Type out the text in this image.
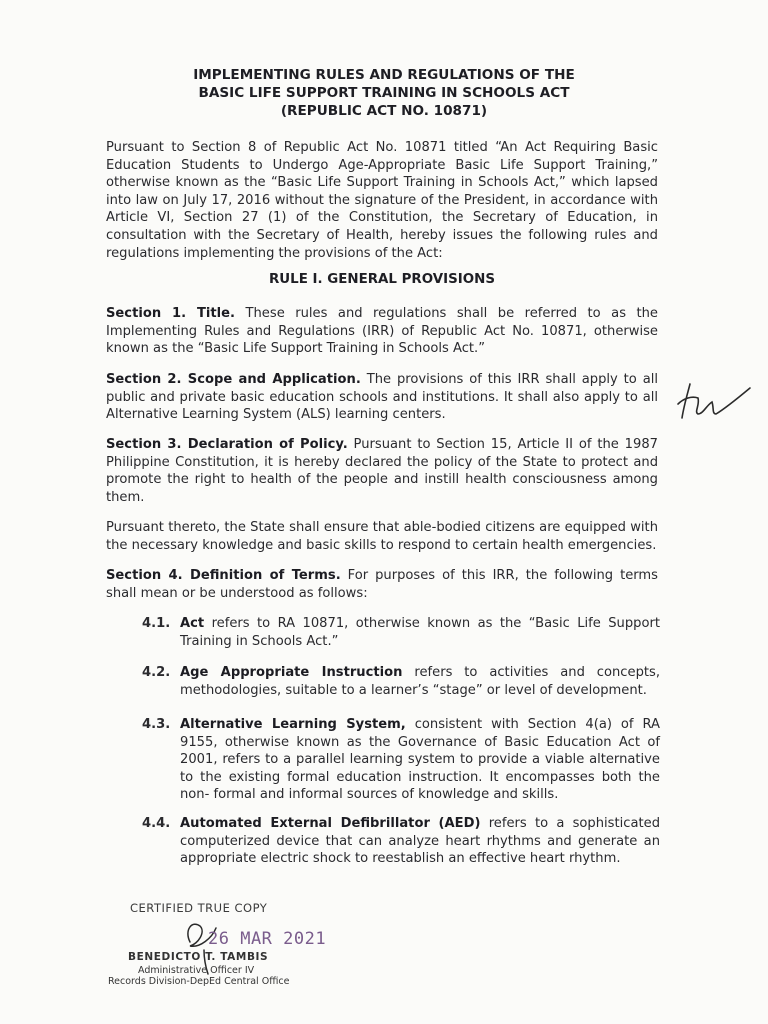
IMPLEMENTING RULES AND REGULATIONS OF THE
BASIC LIFE SUPPORT TRAINING IN SCHOOLS ACT
(REPUBLIC ACT NO. 10871)
Pursuant to Section 8 of Republic Act No. 10871 titled “An Act Requiring Basic Education Students to Undergo Age-Appropriate Basic Life Support Training,” otherwise known as the “Basic Life Support Training in Schools Act,” which lapsed into law on July 17, 2016 without the signature of the President, in accordance with Article VI, Section 27 (1) of the Constitution, the Secretary of Education, in consultation with the Secretary of Health, hereby issues the following rules and regulations implementing the provisions of the Act:
RULE I. GENERAL PROVISIONS
Section 1. Title. These rules and regulations shall be referred to as the Implementing Rules and Regulations (IRR) of Republic Act No. 10871, otherwise known as the “Basic Life Support Training in Schools Act.”
Section 2. Scope and Application. The provisions of this IRR shall apply to all public and private basic education schools and institutions. It shall also apply to all Alternative Learning System (ALS) learning centers.
Section 3. Declaration of Policy. Pursuant to Section 15, Article II of the 1987 Philippine Constitution, it is hereby declared the policy of the State to protect and promote the right to health of the people and instill health consciousness among them.
Pursuant thereto, the State shall ensure that able-bodied citizens are equipped with the necessary knowledge and basic skills to respond to certain health emergencies.
Section 4. Definition of Terms. For purposes of this IRR, the following terms shall mean or be understood as follows:
4.1. Act refers to RA 10871, otherwise known as the “Basic Life Support Training in Schools Act.”
4.2. Age Appropriate Instruction refers to activities and concepts, methodologies, suitable to a learner’s “stage” or level of development.
4.3. Alternative Learning System, consistent with Section 4(a) of RA 9155, otherwise known as the Governance of Basic Education Act of 2001, refers to a parallel learning system to provide a viable alternative to the existing formal education instruction. It encompasses both the non- formal and informal sources of knowledge and skills.
4.4. Automated External Defibrillator (AED) refers to a sophisticated computerized device that can analyze heart rhythms and generate an appropriate electric shock to reestablish an effective heart rhythm.
CERTIFIED TRUE COPY
26 MAR 2021
BENEDICTO T. TAMBIS
Administrative Officer IV
Records Division-DepEd Central Office
